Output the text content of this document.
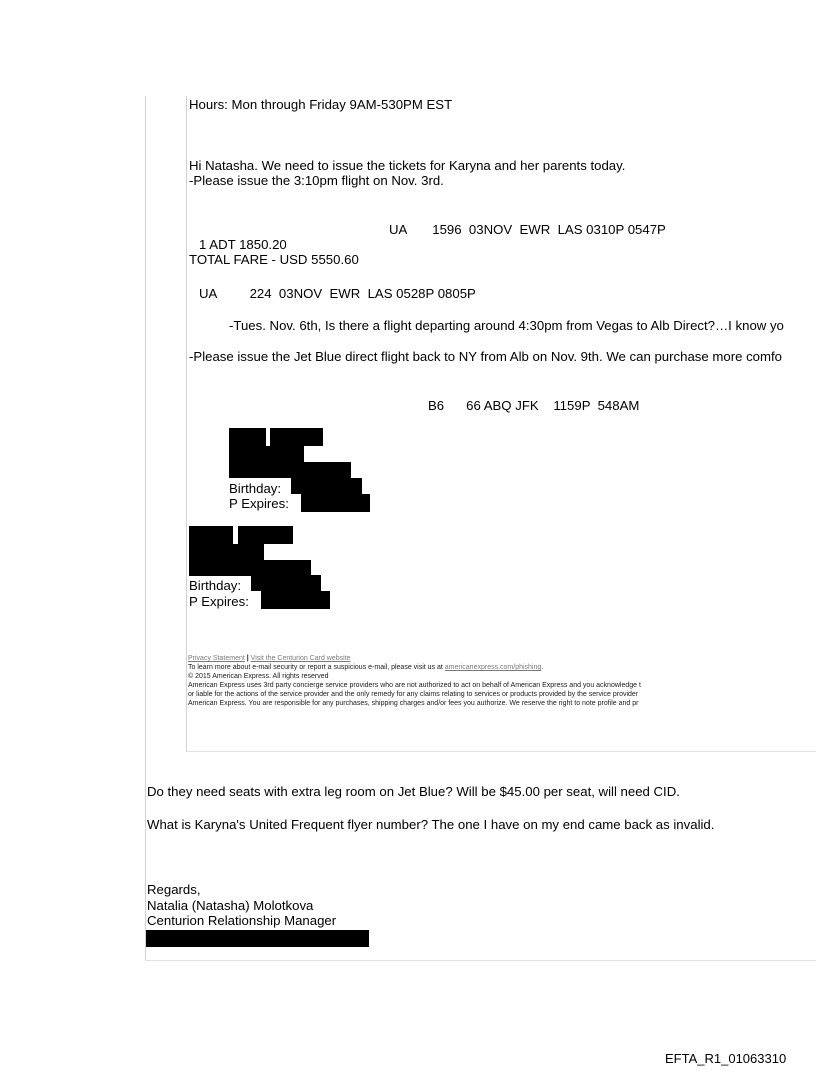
Hours: Mon through Friday 9AM-530PM EST
Hi Natasha. We need to issue the tickets for Karyna and her parents today.
-Please issue the 3:10pm flight on Nov. 3rd.
UA       1596  03NOV  EWR  LAS 0310P 0547P
1 ADT 1850.20
TOTAL FARE - USD 5550.60
UA         224  03NOV  EWR  LAS 0528P 0805P
-Tues. Nov. 6th, Is there a flight departing around 4:30pm from Vegas to Alb Direct?…I know yo
-Please issue the Jet Blue direct flight back to NY from Alb on Nov. 9th. We can purchase more comfo
B6      66 ABQ JFK    1159P  548AM
Birthday:
P Expires:
Birthday:
P Expires:
Privacy Statement | Visit the Centurion Card website
To learn more about e-mail security or report a suspicious e-mail, please visit us at americanexpress.com/phishing.
© 2015 American Express. All rights reserved
American Express uses 3rd party concierge service providers who are not authorized to act on behalf of American Express and you acknowledge t
or liable for the actions of the service provider and the only remedy for any claims relating to services or products provided by the service provider
American Express. You are responsible for any purchases, shipping charges and/or fees you authorize. We reserve the right to note profile and pr
Do they need seats with extra leg room on Jet Blue? Will be $45.00 per seat, will need CID.
What is Karyna's United Frequent flyer number? The one I have on my end came back as invalid.
Regards,
Natalia (Natasha) Molotkova
Centurion Relationship Manager
EFTA_R1_01063310
